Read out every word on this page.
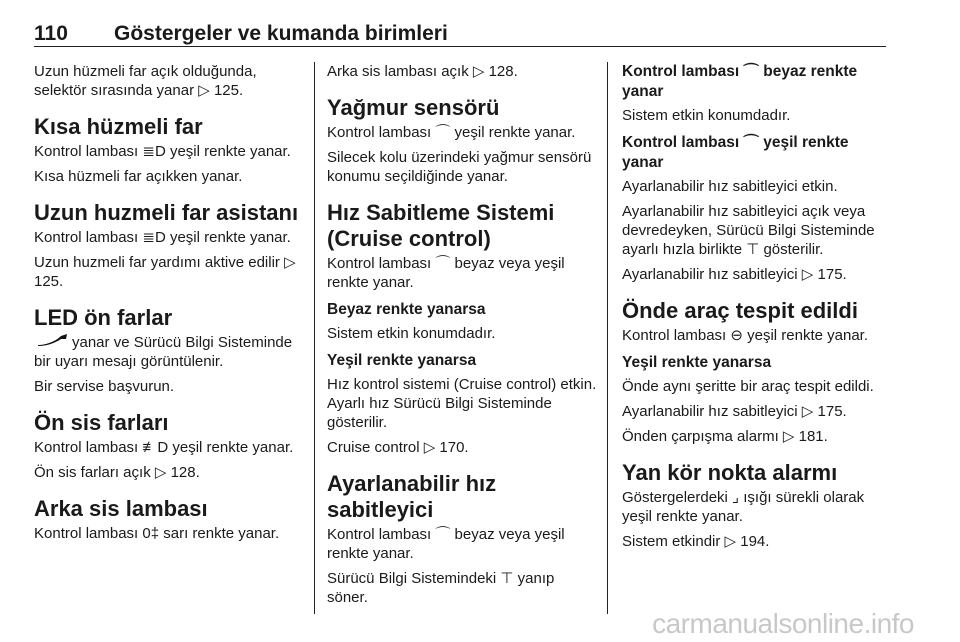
110 Göstergeler ve kumanda birimleri

Uzun hüzmeli far açık olduğunda, selektör sırasında yanar ▷ 125.

Kısa hüzmeli far

Kontrol lambası ≣D yeşil renkte yanar.

Kısa hüzmeli far açıkken yanar.

Uzun huzmeli far asistanı

Kontrol lambası ≣D yeşil renkte yanar.

Uzun huzmeli far yardımı aktive edilir ▷ 125.

LED ön farlar

yanar ve Sürücü Bilgi Sisteminde bir uyarı mesajı görüntülenir.

Bir servise başvurun.

Ön sis farları

Kontrol lambası ≢D yeşil renkte yanar.

Ön sis farları açık ▷ 128.

Arka sis lambası

Kontrol lambası 0‡ sarı renkte yanar.

Arka sis lambası açık ▷ 128.

Yağmur sensörü

Kontrol lambası ⌒ yeşil renkte yanar.

Silecek kolu üzerindeki yağmur sensörü konumu seçildiğinde yanar.

Hız Sabitleme Sistemi (Cruise control)

Kontrol lambası ⌒ beyaz veya yeşil renkte yanar.

Beyaz renkte yanarsa

Sistem etkin konumdadır.

Yeşil renkte yanarsa

Hız kontrol sistemi (Cruise control) etkin. Ayarlı hız Sürücü Bilgi Sisteminde gösterilir.

Cruise control ▷ 170.

Ayarlanabilir hız sabitleyici

Kontrol lambası ⌒ beyaz veya yeşil renkte yanar.

Sürücü Bilgi Sistemindeki ⊤ yanıp söner.

Kontrol lambası ⌒ beyaz renkte yanar

Sistem etkin konumdadır.

Kontrol lambası ⌒ yeşil renkte yanar

Ayarlanabilir hız sabitleyici etkin.

Ayarlanabilir hız sabitleyici açık veya devredeyken, Sürücü Bilgi Sisteminde ayarlı hızla birlikte ⊤ gösterilir.

Ayarlanabilir hız sabitleyici ▷ 175.

Önde araç tespit edildi

Kontrol lambası ⊖ yeşil renkte yanar.

Yeşil renkte yanarsa

Önde aynı şeritte bir araç tespit edildi.

Ayarlanabilir hız sabitleyici ▷ 175.

Önden çarpışma alarmı ▷ 181.

Yan kör nokta alarmı

Göstergelerdeki ⌟ ışığı sürekli olarak yeşil renkte yanar.

Sistem etkindir ▷ 194.

carmanualsonline.info
